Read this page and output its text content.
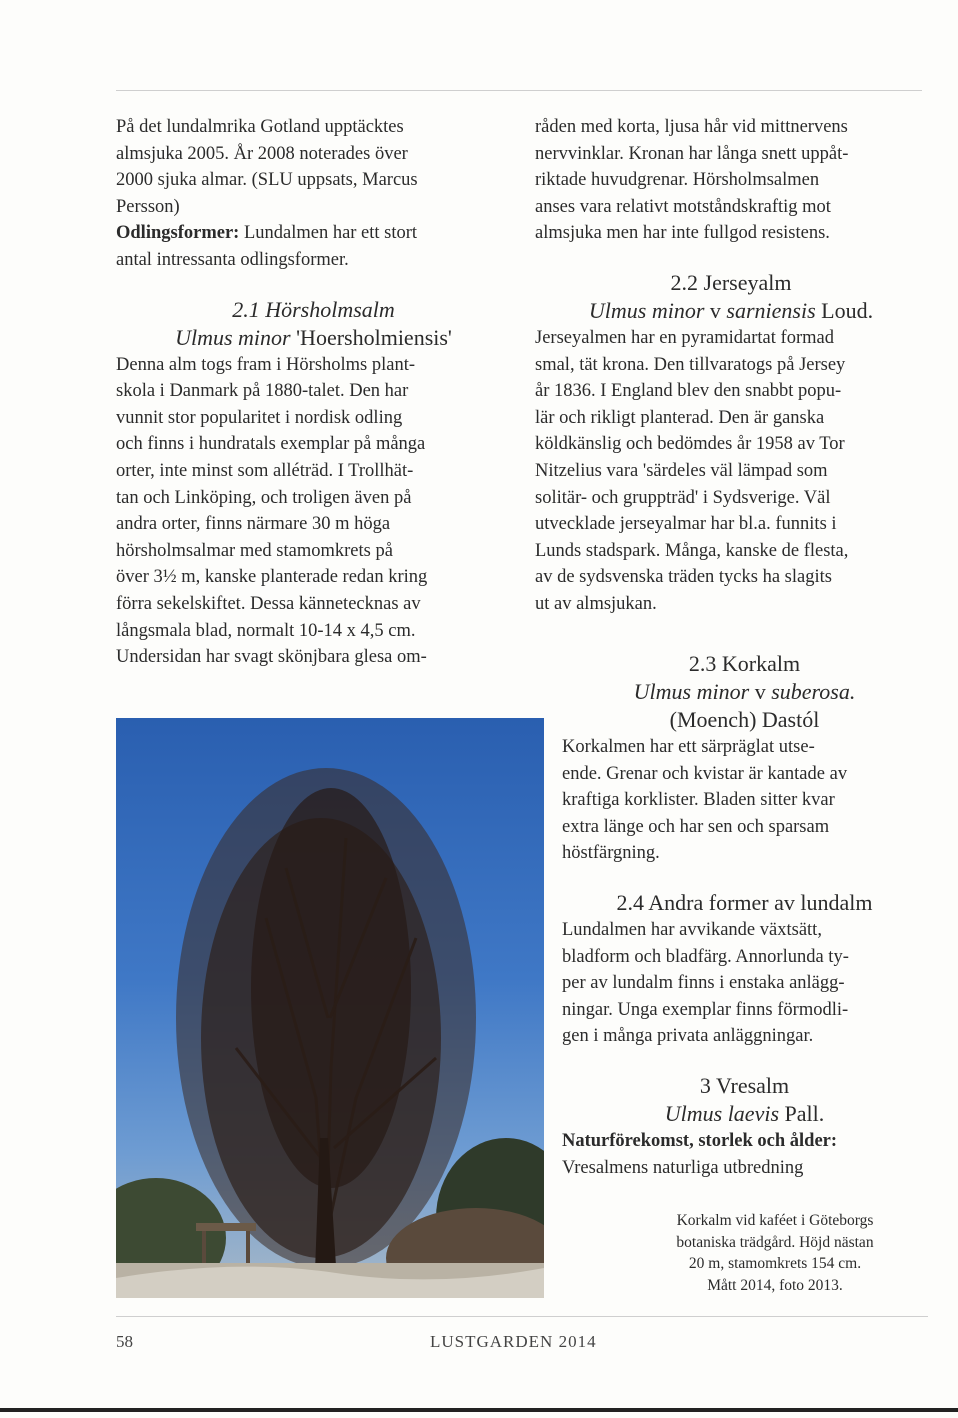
På det lundalmrika Gotland upptäcktes

almsjuka 2005. År 2008 noterades över

2000 sjuka almar. (SLU uppsats, Marcus

Persson)

Odlingsformer: Lundalmen har ett stort

antal intressanta odlingsformer.

2.1 Hörsholmsalm

Ulmus minor 'Hoersholmiensis'

Denna alm togs fram i Hörsholms plant-

skola i Danmark på 1880-talet. Den har

vunnit stor popularitet i nordisk odling

och finns i hundratals exemplar på många

orter, inte minst som alléträd. I Trollhät-

tan och Linköping, och troligen även på

andra orter, finns närmare 30 m höga

hörsholmsalmar med stamomkrets på

över 3½ m, kanske planterade redan kring

förra sekelskiftet. Dessa kännetecknas av

långsmala blad, normalt 10-14 x 4,5 cm.

Undersidan har svagt skönjbara glesa om-

råden med korta, ljusa hår vid mittnervens

nervvinklar. Kronan har långa snett uppåt-

riktade huvudgrenar. Hörsholmsalmen

anses vara relativt motståndskraftig mot

almsjuka men har inte fullgod resistens.

2.2 Jerseyalm

Ulmus minor v sarniensis Loud.

Jerseyalmen har en pyramidartat formad

smal, tät krona. Den tillvaratogs på Jersey

år 1836. I England blev den snabbt popu-

lär och rikligt planterad. Den är ganska

köldkänslig och bedömdes år 1958 av Tor

Nitzelius vara 'särdeles väl lämpad som

solitär- och gruppträd' i Sydsverige. Väl

utvecklade jerseyalmar har bl.a. funnits i

Lunds stadspark. Många, kanske de flesta,

av de sydsvenska träden tycks ha slagits

ut av almsjukan.

2.3 Korkalm

Ulmus minor v suberosa.

(Moench) Dastól

Korkalmen har ett särpräglat utse-

ende. Grenar och kvistar är kantade av

kraftiga korklister. Bladen sitter kvar

extra länge och har sen och sparsam

höstfärgning.

2.4 Andra former av lundalm

Lundalmen har avvikande växtsätt,

bladform och bladfärg. Annorlunda ty-

per av lundalm finns i enstaka anlägg-

ningar. Unga exemplar finns förmodli-

gen i många privata anläggningar.

3 Vresalm

Ulmus laevis Pall.

Naturförekomst, storlek och ålder:

Vresalmens naturliga utbredning

Korkalm vid kaféet i Göteborgs
botaniska trädgård. Höjd nästan
20 m, stamomkrets 154 cm.
Mått 2014, foto 2013.
58	LUSTGARDEN 2014
